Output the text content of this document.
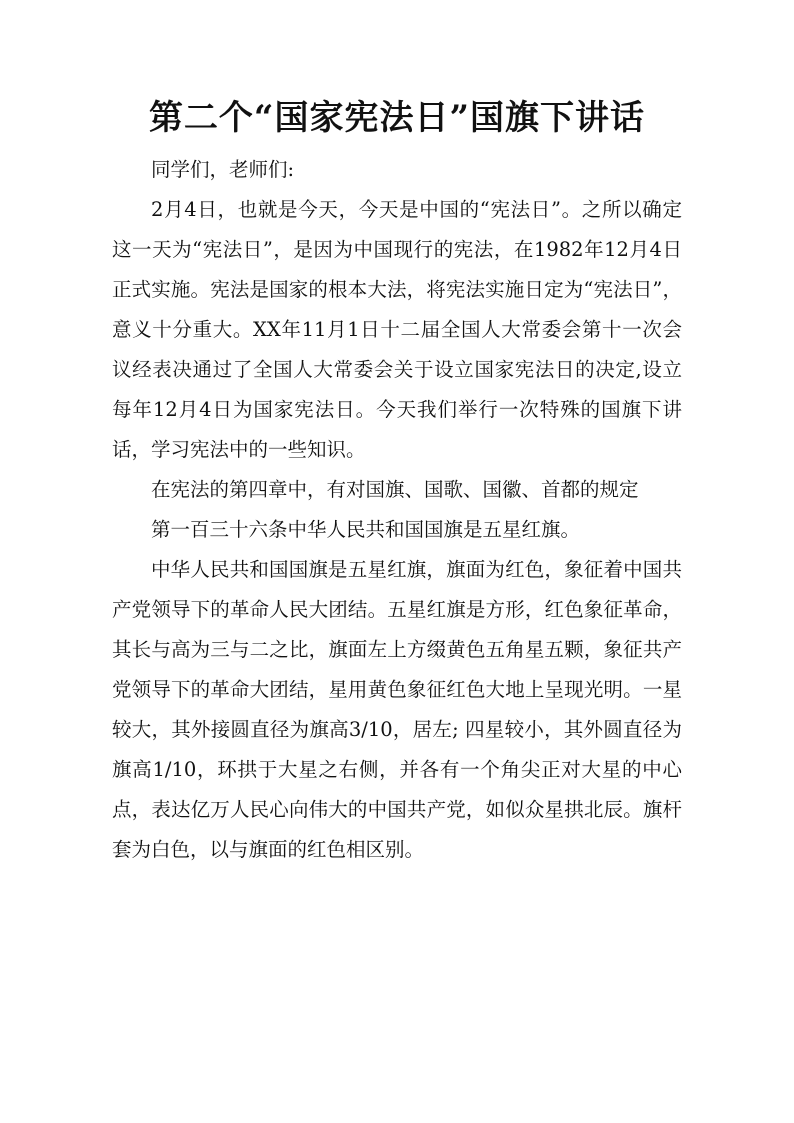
第二个“国家宪法日”国旗下讲话

同学们，老师们:

2月4日，也就是今天，今天是中国的“宪法日”。之所以确定这一天为“宪法日”，是因为中国现行的宪法，在1982年12月4日正式实施。宪法是国家的根本大法，将宪法实施日定为“宪法日”，意义十分重大。XX年11月1日十二届全国人大常委会第十一次会议经表决通过了全国人大常委会关于设立国家宪法日的决定,设立每年12月4日为国家宪法日。今天我们举行一次特殊的国旗下讲话，学习宪法中的一些知识。

在宪法的第四章中，有对国旗、国歌、国徽、首都的规定

第一百三十六条中华人民共和国国旗是五星红旗。

中华人民共和国国旗是五星红旗，旗面为红色，象征着中国共产党领导下的革命人民大团结。五星红旗是方形，红色象征革命，其长与高为三与二之比，旗面左上方缀黄色五角星五颗，象征共产党领导下的革命大团结，星用黄色象征红色大地上呈现光明。一星较大，其外接圆直径为旗高3/10，居左; 四星较小，其外圆直径为旗高1/10，环拱于大星之右侧，并各有一个角尖正对大星的中心点，表达亿万人民心向伟大的中国共产党，如似众星拱北辰。旗杆套为白色，以与旗面的红色相区别。
